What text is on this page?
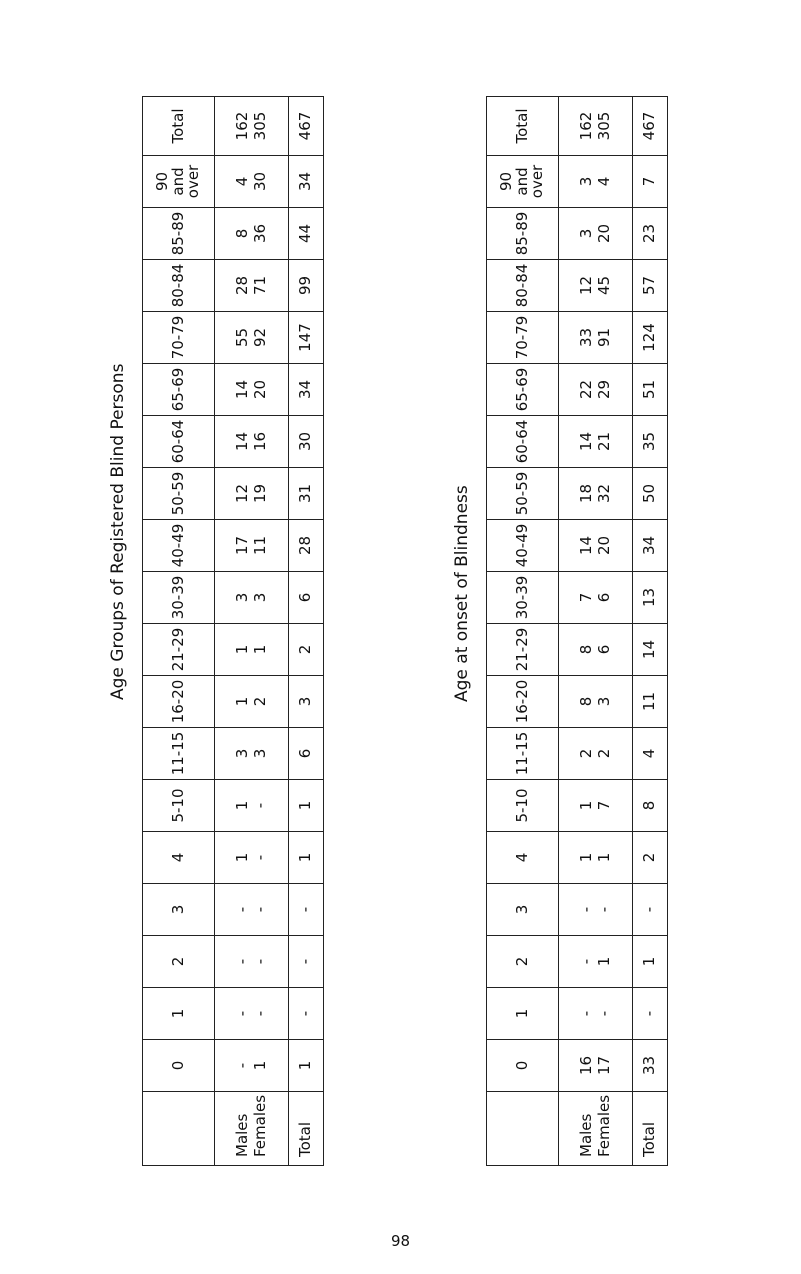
Age Groups of Registered Blind Persons
	0	1	2	3	4	5-10	11-15	16-20	21-29	30-39	40-49	50-59	60-64	65-69	70-79	80-84	85-89	90 and over	Total

Males Females	- 1	- -	- -	- -	1 -	1 -	3 3	1 2	1 1	3 3	17 11	12 19	14 16	14 20	55 92	28 71	8 36	4 30	162 305

Total	1	-	-	-	1	1	6	3	2	6	28	31	30	34	147	99	44	34	467
Age at onset of Blindness
	0	1	2	3	4	5-10	11-15	16-20	21-29	30-39	40-49	50-59	60-64	65-69	70-79	80-84	85-89	90 and over	Total

Males Females	16 17	- -	- 1	- -	1 1	1 7	2 2	8 3	8 6	7 6	14 20	18 32	14 21	22 29	33 91	12 45	3 20	3 4	162 305

Total	33	-	1	-	2	8	4	11	14	13	34	50	35	51	124	57	23	7	467
98
